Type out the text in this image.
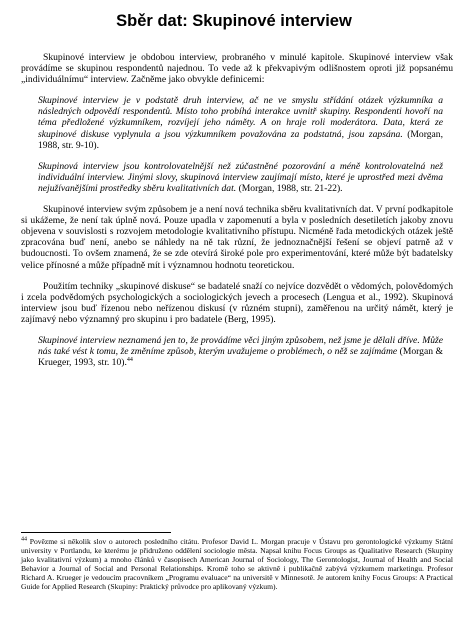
Sběr dat: Skupinové interview

Skupinové interview je obdobou interview, probraného v minulé kapitole. Skupinové interview však provádíme se skupinou respondentů najednou. To vede až k překvapivým odlišnostem oproti již popsanému „individuálnímu“ interview. Začněme jako obvykle definicemi:

Skupinové interview je v podstatě druh interview, ač ne ve smyslu střídání otázek výzkumníka a následných odpovědí respondentů. Místo toho probíhá interakce uvnitř skupiny. Respondenti hovoří na téma předložené výzkumníkem, rozvíjejí jeho náměty. A on hraje roli moderátora. Data, která ze skupinové diskuse vyplynula a jsou výzkumníkem považována za podstatná, jsou zapsána. (Morgan, 1988, str. 9-10).
Skupinová interview jsou kontrolovatelnější než zúčastněné pozorování a méně kontrolovatelná než individuální interview. Jinými slovy, skupinová interview zaujímají místo, které je uprostřed mezi dvěma nejužívanějšími prostředky sběru kvalitativních dat. (Morgan, 1988, str. 21-22).

Skupinové interview svým způsobem je a není nová technika sběru kvalitativních dat. V první podkapitole si ukážeme, že není tak úplně nová. Pouze upadla v zapomenutí a byla v posledních desetiletích jakoby znovu objevena v souvislosti s rozvojem metodologie kvalitativního přístupu. Nicméně řada metodických otázek ještě zpracována buď není, anebo se náhledy na ně tak různí, že jednoznačnější řešení se objeví patrně až v budoucnosti. To ovšem znamená, že se zde otevírá široké pole pro experimentování, které může být badatelsky velice přínosné a může případně mít i významnou hodnotu teoretickou.

Použitím techniky „skupinové diskuse“ se badatelé snaží co nejvíce dozvědět o vědomých, polovědomých i zcela podvědomých psychologických a sociologických jevech a procesech (Lengua et al., 1992). Skupinová interview jsou buď řízenou nebo neřízenou diskusí (v různém stupni), zaměřenou na určitý námět, který je zajímavý nebo významný pro skupinu i pro badatele (Berg, 1995).

Skupinové interview neznamená jen to, že provádíme věci jiným způsobem, než jsme je dělali dříve. Může nás také vést k tomu, že změníme způsob, kterým uvažujeme o problémech, o něž se zajímáme (Morgan & Krueger, 1993, str. 10).$^{44}$
$^{44}$ Povězme si několik slov o autorech posledního citátu. Profesor David L. Morgan pracuje v Ústavu pro gerontologické výzkumy Státní university v Portlandu, ke kterému je přidruženo oddělení sociologie města. Napsal knihu Focus Groups as Qualitative Research (Skupiny jako kvalitativní výzkum) a mnoho článků v časopisech American Journal of Sociology, The Gerontologist, Journal of Health and Social Behavior a Journal of Social and Personal Relationships. Kromě toho se aktivně i publikačně zabývá výzkumem marketingu. Profesor Richard A. Krueger je vedoucím pracovníkem „Programu evaluace“ na universitě v Minnesotě. Je autorem knihy Focus Groups: A Practical Guide for Applied Research (Skupiny: Praktický průvodce pro aplikovaný výzkum).
